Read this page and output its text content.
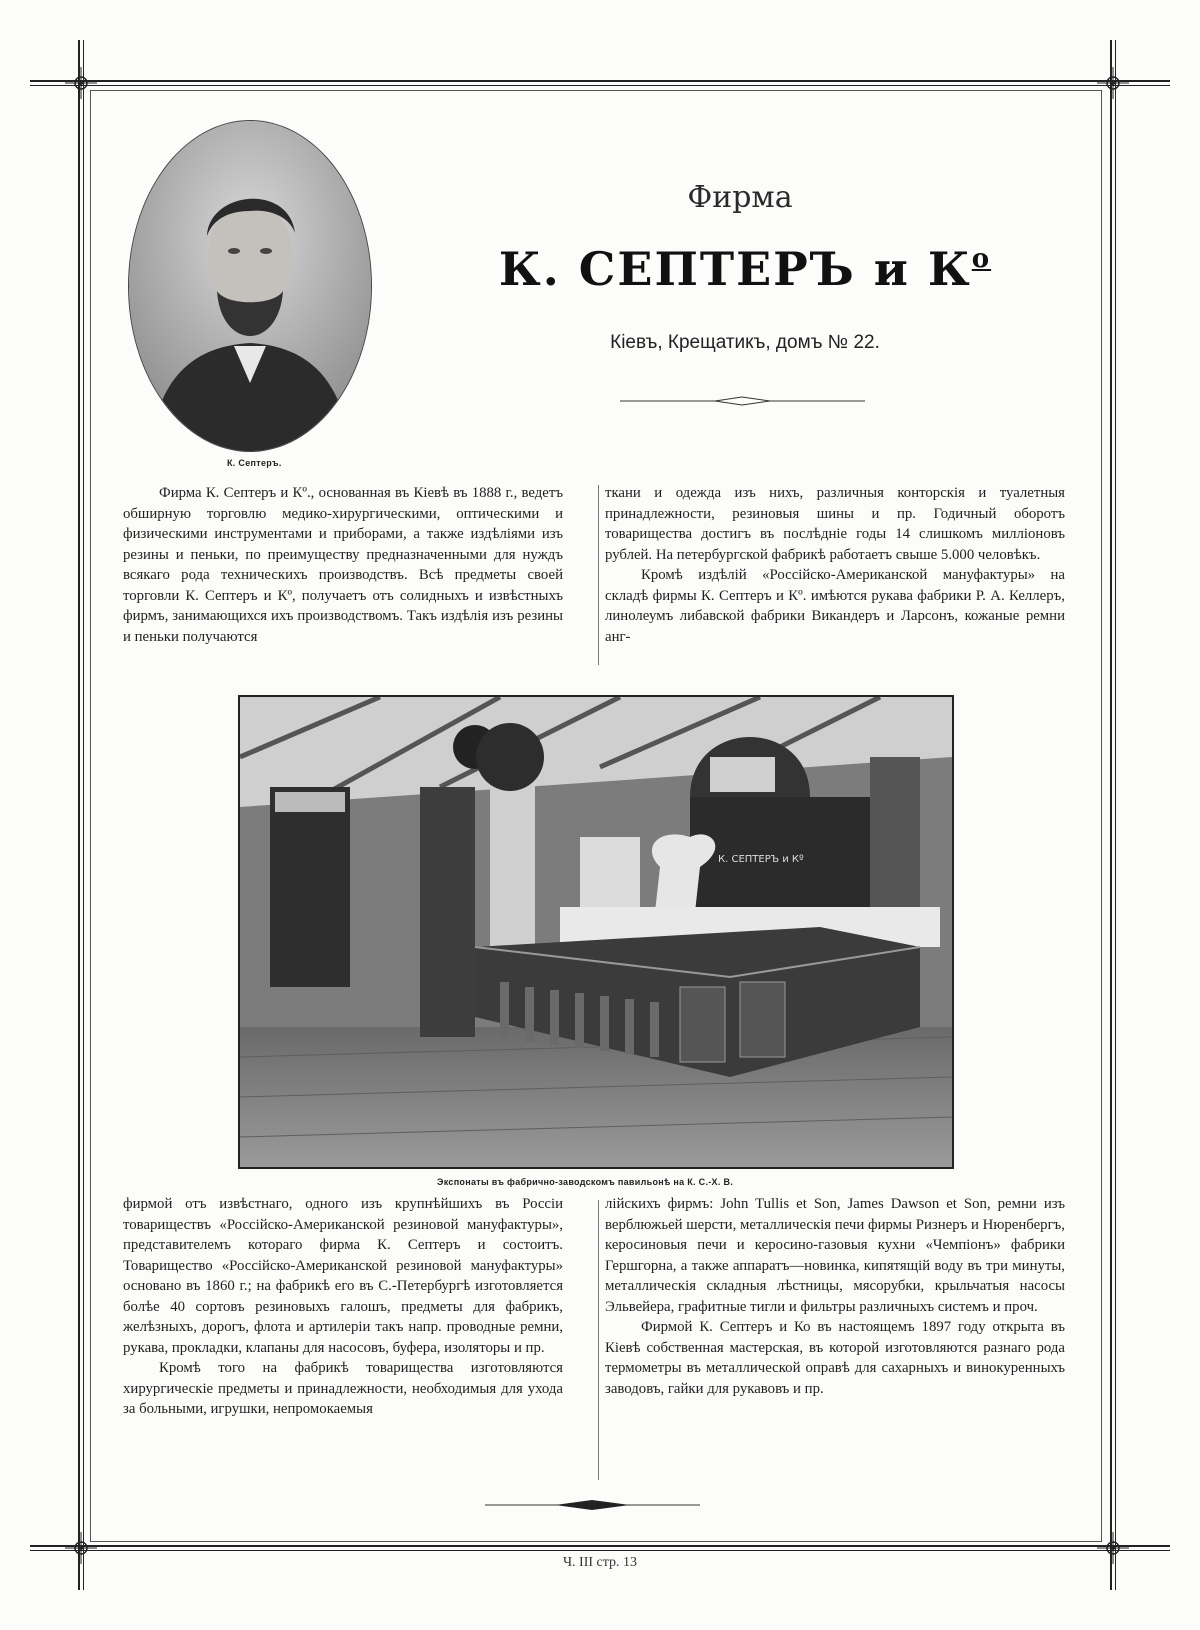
К. Септеръ.
Фирма
К. СЕПТЕРЪ и $К^o$
Кіевъ, Крещатикъ, домъ № 22.

Фирма К. Септеръ и Кº., основанная въ Кіевѣ въ 1888 г., ведетъ обширную торговлю медико-хирургическими, оптическими и физическими инструментами и приборами, а также издѣліями изъ резины и пеньки, по преимуществу предназначенными для нуждъ всякаго рода техническихъ производствъ. Всѣ предметы своей торговли К. Септеръ и Кº, получаетъ отъ солидныхъ и извѣстныхъ фирмъ, занимающихся ихъ производствомъ. Такъ издѣлія изъ резины и пеньки получаются

ткани и одежда изъ нихъ, различныя конторскія и туалетныя принадлежности, резиновыя шины и пр. Годичный оборотъ товарищества достигъ въ послѣдніе годы 14 слишкомъ милліоновъ рублей. На петербургской фабрикѣ работаетъ свыше 5.000 человѣкъ.

Кромѣ издѣлій «Россійско-Американской мануфактуры» на складѣ фирмы К. Септеръ и Кº. имѣются рукава фабрики Р. А. Келлеръ, линолеумъ либавской фабрики Викандеръ и Ларсонъ, кожаные ремни анг-

К. СЕПТЕРЪ и Кº
Экспонаты въ фабрично-заводскомъ павильонѣ на К. С.-Х. В.

фирмой отъ извѣстнаго, одного изъ крупнѣйшихъ въ Россіи товариществъ «Россійско-Американской резиновой мануфактуры», представителемъ котораго фирма К. Септеръ и состоитъ. Товарищество «Россійско-Американской резиновой мануфактуры» основано въ 1860 г.; на фабрикѣ его въ С.-Петербургѣ изготовляется болѣе 40 сортовъ резиновыхъ галошъ, предметы для фабрикъ, желѣзныхъ, дорогъ, флота и артилеріи такъ напр. проводные ремни, рукава, прокладки, клапаны для насосовъ, буфера, изоляторы и пр.

Кромѣ того на фабрикѣ товарищества изготовляются хирургическіе предметы и принадлежности, необходимыя для ухода за больными, игрушки, непромокаемыя

лійскихъ фирмъ: John Tullis et Son, James Dawson et Son, ремни изъ верблюжьей шерсти, металлическія печи фирмы Ризнеръ и Нюренбергъ, керосиновыя печи и керосино-газовыя кухни «Чемпіонъ» фабрики Гершгорна, а также аппаратъ—новинка, кипятящій воду въ три минуты, металлическія складныя лѣстницы, мясорубки, крыльчатыя насосы Эльвейера, графитные тигли и фильтры различныхъ системъ и проч.

Фирмой К. Септеръ и Ко въ настоящемъ 1897 году открыта въ Кіевѣ собственная мастерская, въ которой изготовляются разнаго рода термометры въ металлической оправѣ для сахарныхъ и винокуренныхъ заводовъ, гайки для рукавовъ и пр.

Ч. III стр. 13
